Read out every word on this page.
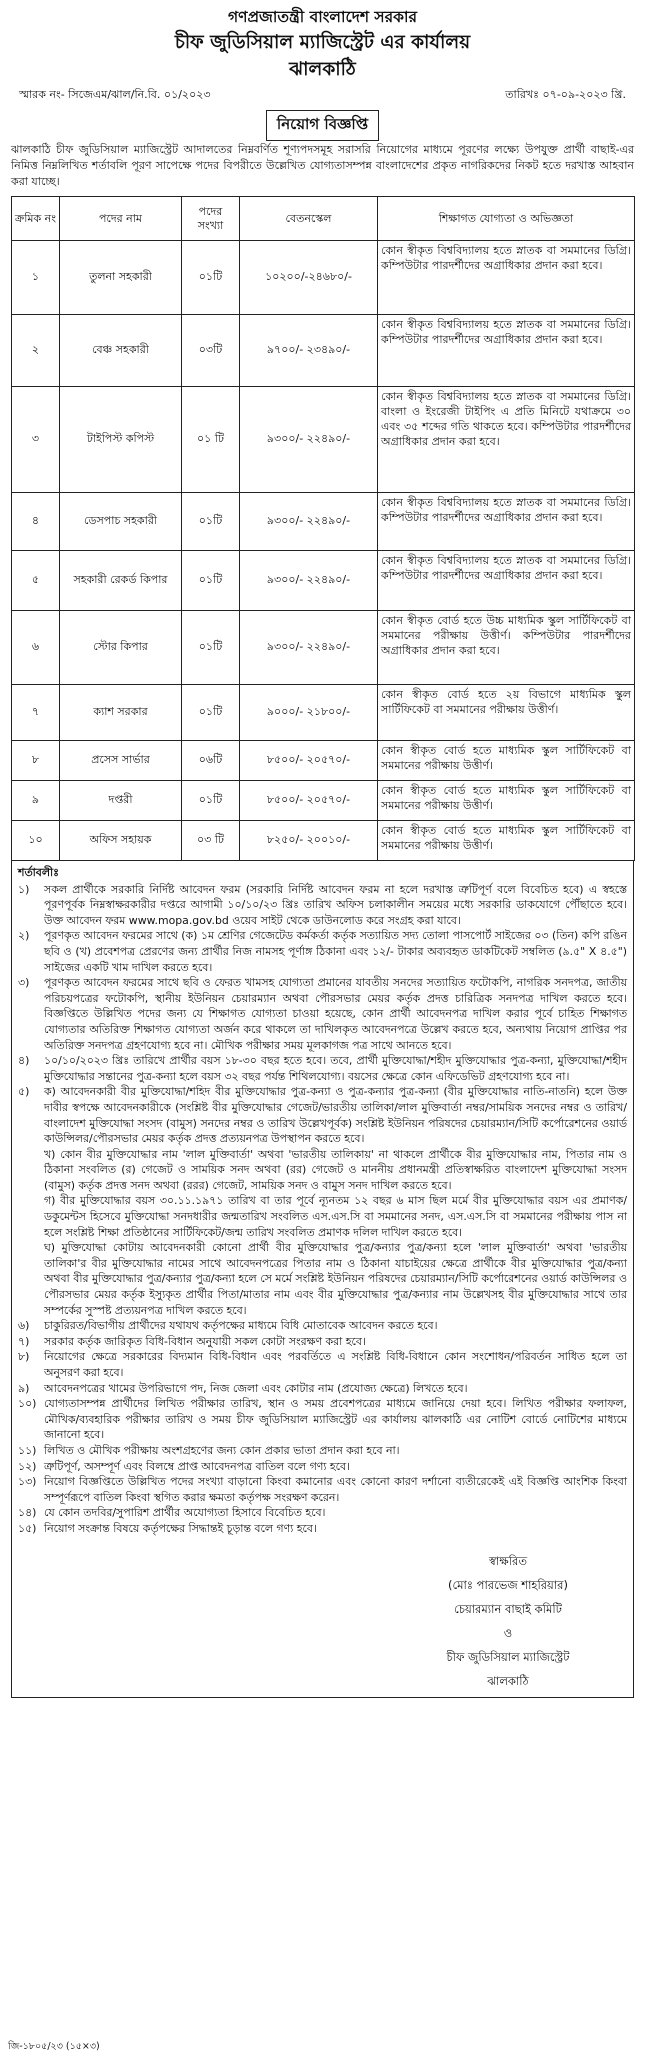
গণপ্রজাতন্ত্রী বাংলাদেশ সরকার
চীফ জুডিসিয়াল ম্যাজিস্ট্রেট এর কার্যালয়
ঝালকাঠি
স্মারক নং- সিজেএম/ঝাল/নি.বি. ০১/২০২৩	তারিখঃ ০৭-০৯-২০২৩ খ্রি.
নিয়োগ বিজ্ঞপ্তি
ঝালকাঠি চীফ জুডিসিয়াল ম্যাজিস্ট্রেট আদালতের নিম্নবর্ণিত শূণ্যপদসমূহ সরাসরি নিয়োগের মাধ্যমে পূরণের লক্ষ্যে উপযুক্ত প্রার্থী বাছাই-এর নিমিত্ত নিম্নলিখিত শর্তাবলি পূরণ সাপেক্ষে পদের বিপরীতে উল্লেখিত যোগ্যতাসম্পন্ন বাংলাদেশের প্রকৃত নাগরিকদের নিকট হতে দরখাস্ত আহবান করা যাচ্ছে।
ক্রমিক নং	পদের নাম	পদের সংখ্যা	বেতনস্কেল	শিক্ষাগত যোগ্যতা ও অভিজ্ঞতা
১	তুলনা সহকারী	০১টি	১০২০০/-২৪৬৮০/-	কোন স্বীকৃত বিশ্ববিদ্যালয় হতে স্নাতক বা সমমানের ডিগ্রি। কম্পিউটার পারদর্শীদের অগ্রাধিকার প্রদান করা হবে।
২	বেঞ্চ সহকারী	০৩টি	৯৭০০/- ২৩৪৯০/-	কোন স্বীকৃত বিশ্ববিদ্যালয় হতে স্নাতক বা সমমানের ডিগ্রি। কম্পিউটার পারদর্শীদের অগ্রাধিকার প্রদান করা হবে।
৩	টাইপিস্ট কপিস্ট	০১ টি	৯৩০০/- ২২৪৯০/-	কোন স্বীকৃত বিশ্ববিদ্যালয় হতে স্নাতক বা সমমানের ডিগ্রি। বাংলা ও ইংরেজী টাইপিং এ প্রতি মিনিটে যথাক্রমে ৩০ এবং ৩৫ শব্দের গতি থাকতে হবে। কম্পিউটার পারদর্শীদের অগ্রাধিকার প্রদান করা হবে।
৪	ডেসপাচ সহকারী	০১টি	৯৩০০/- ২২৪৯০/-	কোন স্বীকৃত বিশ্ববিদ্যালয় হতে স্নাতক বা সমমানের ডিগ্রি। কম্পিউটার পারদর্শীদের অগ্রাধিকার প্রদান করা হবে।
৫	সহকারী রেকর্ড কিপার	০১টি	৯৩০০/- ২২৪৯০/-	কোন স্বীকৃত বিশ্ববিদ্যালয় হতে স্নাতক বা সমমানের ডিগ্রি। কম্পিউটার পারদর্শীদের অগ্রাধিকার প্রদান করা হবে।
৬	স্টোর কিপার	০১টি	৯৩০০/- ২২৪৯০/-	কোন স্বীকৃত বোর্ড হতে উচ্চ মাধ্যমিক স্কুল সার্টিফিকেট বা সমমানের পরীক্ষায় উত্তীর্ণ। কম্পিউটার পারদর্শীদের অগ্রাধিকার প্রদান করা হবে।
৭	ক্যাশ সরকার	০১টি	৯০০০/- ২১৮০০/-	কোন স্বীকৃত বোর্ড হতে ২য় বিভাগে মাধ্যমিক স্কুল সার্টিফিকেট বা সমমানের পরীক্ষায় উত্তীর্ণ।
৮	প্রসেস সার্ভার	০৬টি	৮৫০০/- ২০৫৭০/-	কোন স্বীকৃত বোর্ড হতে মাধ্যমিক স্কুল সার্টিফিকেট বা সমমানের পরীক্ষায় উত্তীর্ণ।
৯	দপ্তরী	০১টি	৮৫০০/- ২০৫৭০/-	কোন স্বীকৃত বোর্ড হতে মাধ্যমিক স্কুল সার্টিফিকেট বা সমমানের পরীক্ষায় উত্তীর্ণ।
১০	অফিস সহায়ক	০৩ টি	৮২৫০/- ২০০১০/-	কোন স্বীকৃত বোর্ড হতে মাধ্যমিক স্কুল সার্টিফিকেট বা সমমানের পরীক্ষায় উত্তীর্ণ।
শর্তাবলীঃ
১)	সকল প্রার্থীকে সরকারি নির্দিষ্ট আবেদন ফরম (সরকারি নির্দিষ্ট আবেদন ফরম না হলে দরখাস্ত ত্রুটিপূর্ণ বলে বিবেচিত হবে) এ স্বহস্তে পূরণপূর্বক নিম্নস্বাক্ষরকারীর দপ্তরে আগামী ১০/১০/২৩ খ্রিঃ তারিখ অফিস চলাকালীন সময়ের মধ্যে সরকারি ডাকযোগে পৌঁছাতে হবে। উক্ত আবেদন ফরম www.mopa.gov.bd ওয়েব সাইট থেকে ডাউনলোড করে সংগ্রহ করা যাবে।
২)	পূরণকৃত আবেদন ফরমের সাথে (ক) ১ম শ্রেণির গেজেটেড কর্মকর্তা কর্তৃক সত্যায়িত সদ্য তোলা পাসপোর্ট সাইজের ০৩ (তিন) কপি রঙিন ছবি ও (খ) প্রবেশপত্র প্রেরণের জন্য প্রার্থীর নিজ নামসহ পূর্ণাঙ্গ ঠিকানা এবং ১২/- টাকার অব্যবহৃত ডাকটিকেট সম্বলিত (৯.৫" X ৪.৫") সাইজের একটি খাম দাখিল করতে হবে।
৩)	পূরণকৃত আবেদন ফরমের সাথে ছবি ও ফেরত খামসহ যোগ্যতা প্রমানের যাবতীয় সনদের সত্যায়িত ফটোকপি, নাগরিক সনদপত্র, জাতীয় পরিচয়পত্রের ফটোকপি, স্থানীয় ইউনিয়ন চেয়ারম্যান অথবা পৌরসভার মেয়র কর্তৃক প্রদত্ত চারিত্রিক সনদপত্র দাখিল করতে হবে। বিজ্ঞপ্তিতে উল্লিখিত পদের জন্য যে শিক্ষাগত যোগ্যতা চাওয়া হয়েছে, কোন প্রার্থী আবেদনপত্র দাখিল করার পূর্বে চাহিত শিক্ষাগত যোগ্যতার অতিরিক্ত শিক্ষাগত যোগ্যতা অর্জন করে থাকলে তা দাখিলকৃত আবেদনপত্রে উল্লেখ করতে হবে, অন্যথায় নিয়োগ প্রাপ্তির পর অতিরিক্ত সনদপত্র গ্রহণযোগ্য হবে না। মৌখিক পরীক্ষার সময় মূলকাগজ পত্র সাথে আনতে হবে।
৪)	১০/১০/২০২৩ খ্রিঃ তারিখে প্রার্থীর বয়স ১৮-৩০ বছর হতে হবে। তবে, প্রার্থী মুক্তিযোদ্ধা/শহীদ মুক্তিযোদ্ধার পুত্র-কন্যা, মুক্তিযোদ্ধা/শহীদ মুক্তিযোদ্ধার সন্তানের পুত্র-কন্যা হলে বয়স ৩২ বছর পর্যন্ত শিথিলযোগ্য। বয়সের ক্ষেত্রে কোন এফিডেভিট গ্রহণযোগ্য হবে না।
৫)	ক) আবেদনকারী বীর মুক্তিযোদ্ধা/শহিদ বীর মুক্তিযোদ্ধার পুত্র-কন্যা ও পুত্র-কন্যার পুত্র-কন্যা (বীর মুক্তিযোদ্ধার নাতি-নাতনি) হলে উক্ত দাবীর স্বপক্ষে আবেদনকারীকে (সংশ্লিষ্ট বীর মুক্তিযোদ্ধার গেজেট/ভারতীয় তালিকা/লাল মুক্তিবার্তা নম্বর/সাময়িক সনদের নম্বর ও তারিখ/বাংলাদেশ মুক্তিযোদ্ধা সংসদ (বামুস) সনদের নম্বর ও তারিখ উল্লেখপূর্বক) সংশ্লিষ্ট ইউনিয়ন পরিষদের চেয়ারম্যান/সিটি কর্পোরেশনের ওয়ার্ড কাউন্সিলর/পৌরসভার মেয়র কর্তৃক প্রদত্ত প্রত্যয়নপত্র উপস্থাপন করতে হবে।
খ) কোন বীর মুক্তিযোদ্ধার নাম 'লাল মুক্তিবার্তা' অথবা 'ভারতীয় তালিকায়' না থাকলে প্রার্থীকে বীর মুক্তিযোদ্ধার নাম, পিতার নাম ও ঠিকানা সংবলিত (র) গেজেট ও সাময়িক সনদ অথবা (রর) গেজেট ও মাননীয় প্রধানমন্ত্রী প্রতিস্বাক্ষরিত বাংলাদেশ মুক্তিযোদ্ধা সংসদ (বামুস) কর্তৃক প্রদত্ত সনদ অথবা (ররর) গেজেট, সাময়িক সনদ ও বামুস সনদ দাখিল করতে হবে।
গ) বীর মুক্তিযোদ্ধার বয়স ৩০.১১.১৯৭১ তারিখ বা তার পূর্বে ন্যূনতম ১২ বছর ৬ মাস ছিল মর্মে বীর মুক্তিযোদ্ধার বয়স এর প্রমাণক/ডকুমেন্টস হিসেবে মুক্তিযোদ্ধা সনদধারীর জন্মতারিখ সংবলিত এস.এস.সি বা সমমানের সনদ, এস.এস.সি বা সমমানের পরীক্ষায় পাস না হলে সংশ্লিষ্ট শিক্ষা প্রতিষ্ঠানের সার্টিফিকেট/জন্ম তারিখ সংবলিত প্রমাণক দলিল দাখিল করতে হবে।
ঘ) মুক্তিযোদ্ধা কোটায় আবেদনকারী কোনো প্রার্থী বীর মুক্তিযোদ্ধার পুত্র/কন্যার পুত্র/কন্যা হলে 'লাল মুক্তিবার্তা' অথবা 'ভারতীয় তালিকা'র বীর মুক্তিযোদ্ধার নামের সাথে আবেদনপত্রের পিতার নাম ও ঠিকানা যাচাইয়ের ক্ষেত্রে প্রার্থীকে বীর মুক্তিযোদ্ধার পুত্র/কন্যা অথবা বীর মুক্তিযোদ্ধার পুত্র/কন্যার পুত্র/কন্যা হলে সে মর্মে সংশ্লিষ্ট ইউনিয়ন পরিষদের চেয়ারম্যান/সিটি কর্পোরেশনের ওয়ার্ড কাউন্সিলর ও পৌরসভার মেয়র কর্তৃক ইস্যুকৃত প্রার্থীর পিতা/মাতার নাম এবং বীর মুক্তিযোদ্ধার পুত্র/কন্যার নাম উল্লেখসহ বীর মুক্তিযোদ্ধার সাথে তার সম্পর্কের সুস্পষ্ট প্রত্যয়নপত্র দাখিল করতে হবে।
৬)	চাকুরিরত/বিভাগীয় প্রার্থীদের যথাযথ কর্তৃপক্ষের মাধ্যমে বিধি মোতাবেক আবেদন করতে হবে।
৭)	সরকার কর্তৃক জারিকৃত বিধি-বিধান অনুযায়ী সকল কোটা সংরক্ষণ করা হবে।
৮)	নিয়োগের ক্ষেত্রে সরকারের বিদ্যমান বিধি-বিধান এবং পরবর্তিতে এ সংশ্লিষ্ট বিধি-বিধানে কোন সংশোধন/পরিবর্তন সাধিত হলে তা অনুসরণ করা হবে।
৯)	আবেদনপত্রের খামের উপরিভাগে পদ, নিজ জেলা এবং কোটার নাম (প্রযোজ্য ক্ষেত্রে) লিখতে হবে।
১০) যোগ্যতাসম্পন্ন প্রার্থীদের লিখিত পরীক্ষার তারিখ, স্থান ও সময় প্রবেশপত্রের মাধ্যমে জানিয়ে দেয়া হবে। লিখিত পরীক্ষার ফলাফল, মৌখিক/ব্যবহারিক পরীক্ষার তারিখ ও সময় চীফ জুডিসিয়াল ম্যাজিস্ট্রেট এর কার্যালয় ঝালকাঠি এর নোটিশ বোর্ডে নোটিশের মাধ্যমে জানানো হবে।
১১) লিখিত ও মৌখিক পরীক্ষায় অংশগ্রহণের জন্য কোন প্রকার ভাতা প্রদান করা হবে না।
১২) ত্রুটিপূর্ণ, অসম্পূর্ণ এবং বিলম্বে প্রাপ্ত আবেদনপত্র বাতিল বলে গণ্য হবে।
১৩) নিয়োগ বিজ্ঞপ্তিতে উল্লিখিত পদের সংখ্যা বাড়ানো কিংবা কমানোর এবং কোনো কারণ দর্শানো ব্যতীরেকেই এই বিজ্ঞপ্তি আংশিক কিংবা সম্পূর্ণরূপে বাতিল কিংবা স্থগিত করার ক্ষমতা কর্তৃপক্ষ সংরক্ষণ করেন।
১৪) যে কোন তদবির/সুপারিশ প্রার্থীর অযোগ্যতা হিসাবে বিবেচিত হবে।
১৫) নিয়োগ সংক্রান্ত বিষয়ে কর্তৃপক্ষের সিদ্ধান্তই চূড়ান্ত বলে গণ্য হবে।
স্বাক্ষরিত
(মোঃ পারভেজ শাহরিয়ার)
চেয়ারম্যান বাছাই কমিটি
ও
চীফ জুডিসিয়াল ম্যাজিস্ট্রেট
ঝালকাঠি
জি-১৮০৫/২৩ (১৫×৩)
